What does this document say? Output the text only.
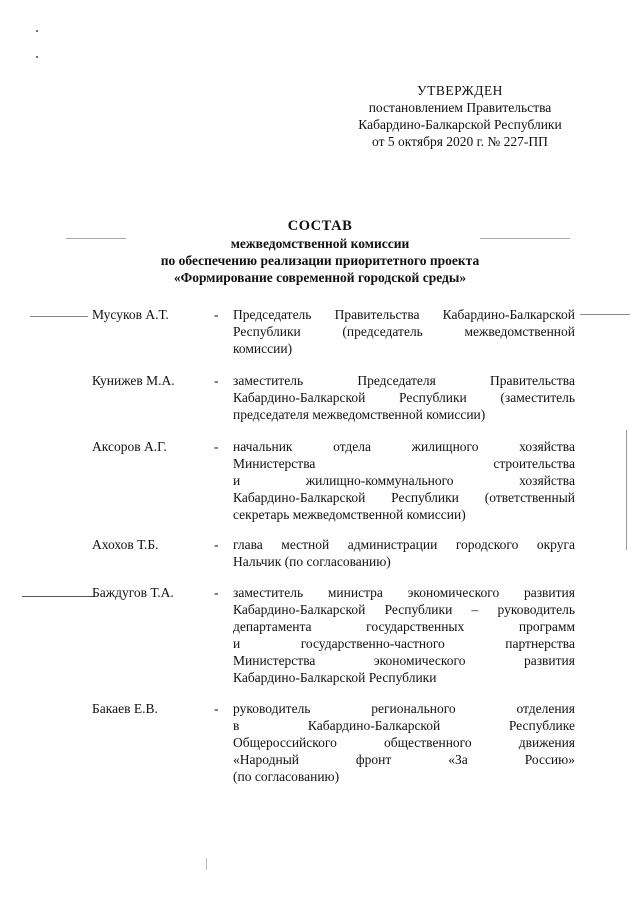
УТВЕРЖДЕН
постановлением Правительства
Кабардино-Балкарской Республики
от 5 октября 2020 г. № 227-ПП
СОСТАВ
межведомственной комиссии
по обеспечению реализации приоритетного проекта
«Формирование современной городской среды»
Мусуков А.Т.	- Председатель Правительства Кабардино-Балкарской
Республики (председатель межведомственной
комиссии)
Кунижев М.А.	- заместитель Председателя Правительства
Кабардино-Балкарской Республики (заместитель
председателя межведомственной комиссии)
Аксоров А.Г.	- начальник отдела жилищного хозяйства
Министерства строительства
и жилищно-коммунального хозяйства
Кабардино-Балкарской Республики (ответственный
секретарь межведомственной комиссии)
Ахохов Т.Б.	- глава местной администрации городского округа
Нальчик (по согласованию)
Баждугов Т.А.	- заместитель министра экономического развития
Кабардино-Балкарской Республики – руководитель
департамента государственных программ
и государственно-частного партнерства
Министерства экономического развития
Кабардино-Балкарской Республики
Бакаев Е.В.	- руководитель регионального отделения
в Кабардино-Балкарской Республике
Общероссийского общественного движения
«Народный фронт «За Россию»
(по согласованию)
